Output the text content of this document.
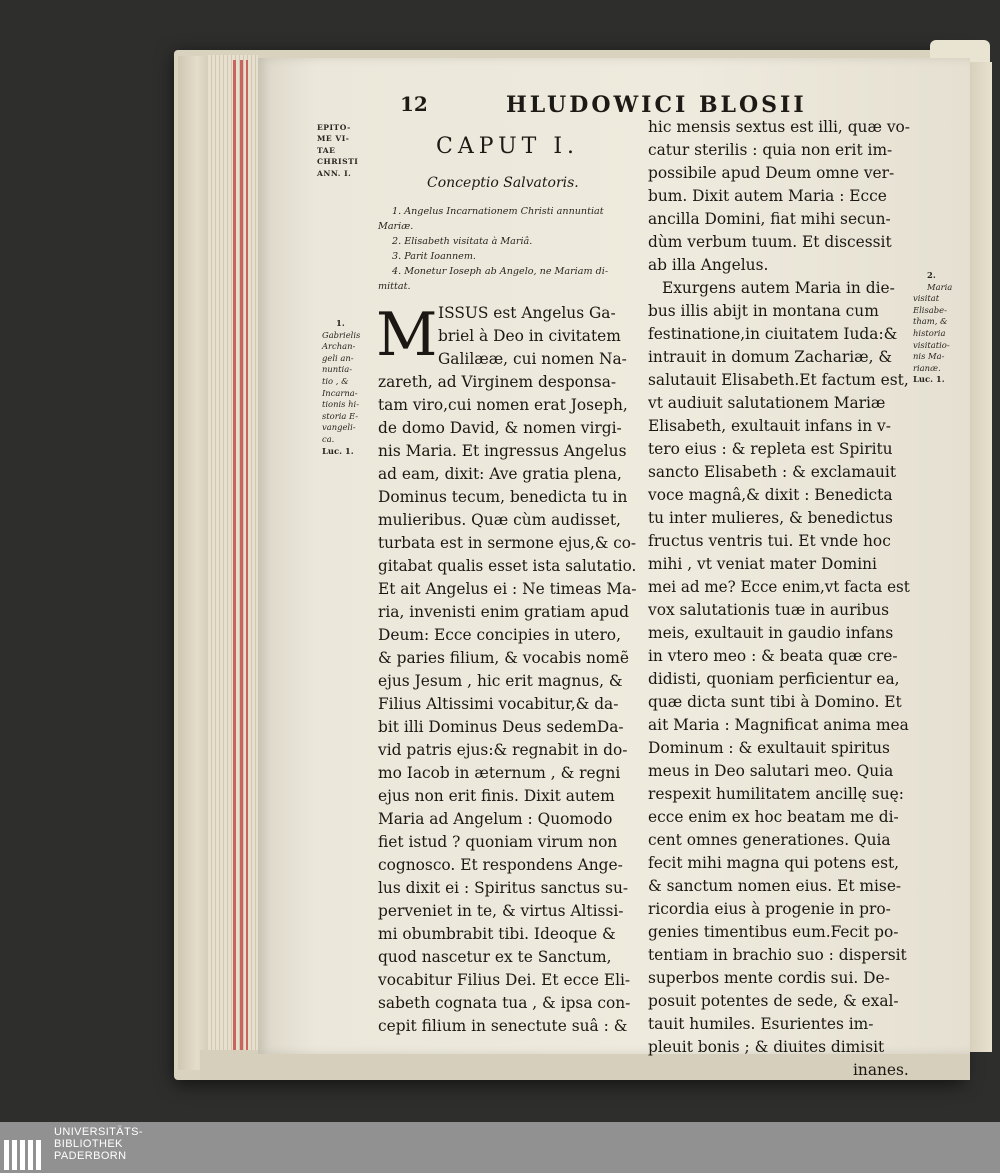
12	HLUDOWICI BLOSII
EPITO-
ME VI-
TAE
CHRISTI
ANN. I.
CAPUT I.
Conceptio Salvatoris.
1. Angelus Incarnationem Christi annuntiat
Mariæ.
2. Elisabeth visitata à Mariâ.
3. Parit Ioannem.
4. Monetur Ioseph ab Angelo, ne Mariam di-
mittat.
1.
Gabrielis
Archan-
geli an-
nuntia-
tio , &
Incarna-
tionis hi-
storia E-
vangeli-
ca.
Luc. 1.
2.
Maria
visitat
Elisabe-
tham, &
historia
visitatio-
nis Ma-
rianæ.
Luc. 1.
M ISSUS est Angelus Ga-
briel à Deo in civitatem
Galilææ, cui nomen Na-
zareth, ad Virginem desponsa-
tam viro,cui nomen erat Joseph,
de domo David, & nomen virgi-
nis Maria. Et ingressus Angelus
ad eam, dixit: Ave gratia plena,
Dominus tecum, benedicta tu in
mulieribus. Quæ cùm audisset,
turbata est in sermone ejus,& co-
gitabat qualis esset ista salutatio.
Et ait Angelus ei : Ne timeas Ma-
ria, invenisti enim gratiam apud
Deum: Ecce concipies in utero,
& paries filium, & vocabis nomẽ
ejus Jesum , hic erit magnus, &
Filius Altissimi vocabitur,& da-
bit illi Dominus Deus sedemDa-
vid patris ejus:& regnabit in do-
mo Iacob in æternum , & regni
ejus non erit finis. Dixit autem
Maria ad Angelum : Quomodo
fiet istud ? quoniam virum non
cognosco. Et respondens Ange-
lus dixit ei : Spiritus sanctus su-
perveniet in te, & virtus Altissi-
mi obumbrabit tibi. Ideoque &
quod nascetur ex te Sanctum,
vocabitur Filius Dei. Et ecce Eli-
sabeth cognata tua , & ipsa con-
cepit filium in senectute suâ : &
hic mensis sextus est illi, quæ vo-
catur sterilis : quia non erit im-
possibile apud Deum omne ver-
bum. Dixit autem Maria : Ecce
ancilla Domini, fiat mihi secun-
dùm verbum tuum. Et discessit
ab illa Angelus.
Exurgens autem Maria in die-
bus illis abijt in montana cum
festinatione,in ciuitatem Iuda:&
intrauit in domum Zachariæ, &
salutauit Elisabeth.Et factum est,
vt audiuit salutationem Mariæ
Elisabeth, exultauit infans in v-
tero eius : & repleta est Spiritu
sancto Elisabeth : & exclamauit
voce magnâ,& dixit : Benedicta
tu inter mulieres, & benedictus
fructus ventris tui. Et vnde hoc
mihi , vt veniat mater Domini
mei ad me? Ecce enim,vt facta est
vox salutationis tuæ in auribus
meis, exultauit in gaudio infans
in vtero meo : & beata quæ cre-
didisti, quoniam perficientur ea,
quæ dicta sunt tibi à Domino. Et
ait Maria : Magnificat anima mea
Dominum : & exultauit spiritus
meus in Deo salutari meo. Quia
respexit humilitatem ancillę suę:
ecce enim ex hoc beatam me di-
cent omnes generationes. Quia
fecit mihi magna qui potens est,
& sanctum nomen eius. Et mise-
ricordia eius à progenie in pro-
genies timentibus eum.Fecit po-
tentiam in brachio suo : dispersit
superbos mente cordis sui. De-
posuit potentes de sede, & exal-
tauit humiles. Esurientes im-
pleuit bonis ; & diuites dimisit
inanes.
UNIVERSITÄTS-
BIBLIOTHEK
PADERBORN
